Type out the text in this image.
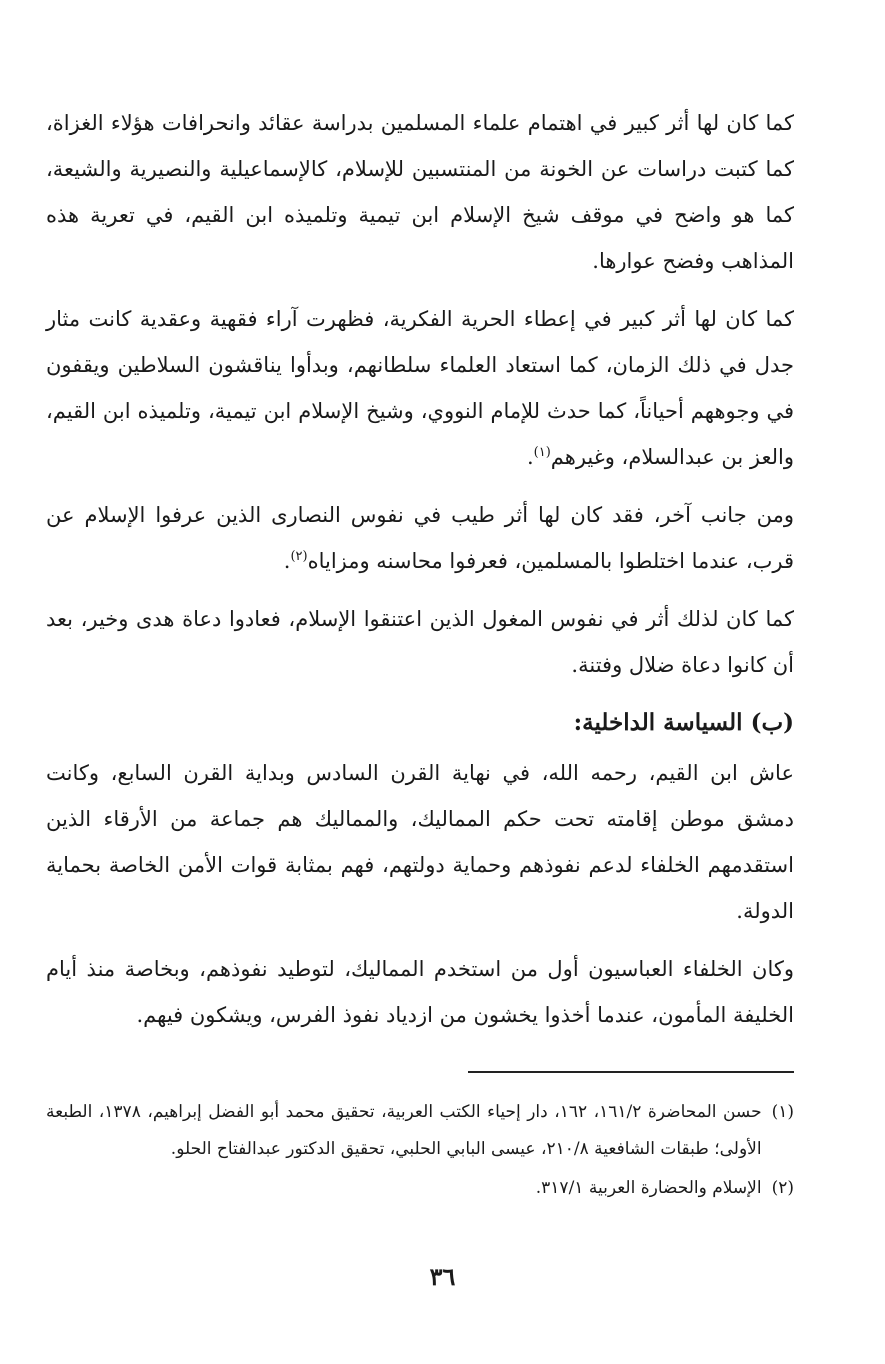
كما كان لها أثر كبير في اهتمام علماء المسلمين بدراسة عقائد وانحرافات هؤلاء الغزاة، كما كتبت دراسات عن الخونة من المنتسبين للإسلام، كالإسماعيلية والنصيرية والشيعة، كما هو واضح في موقف شيخ الإسلام ابن تيمية وتلميذه ابن القيم، في تعرية هذه المذاهب وفضح عوارها.

كما كان لها أثر كبير في إعطاء الحرية الفكرية، فظهرت آراء فقهية وعقدية كانت مثار جدل في ذلك الزمان، كما استعاد العلماء سلطانهم، وبدأوا يناقشون السلاطين ويقفون في وجوههم أحياناً، كما حدث للإمام النووي، وشيخ الإسلام ابن تيمية، وتلميذه ابن القيم، والعز بن عبدالسلام، وغيرهم$^{(١)}$.

ومن جانب آخر، فقد كان لها أثر طيب في نفوس النصارى الذين عرفوا الإسلام عن قرب، عندما اختلطوا بالمسلمين، فعرفوا محاسنه ومزاياه$^{(٢)}$.

كما كان لذلك أثر في نفوس المغول الذين اعتنقوا الإسلام، فعادوا دعاة هدى وخير، بعد أن كانوا دعاة ضلال وفتنة.

(ب) السياسة الداخلية:

عاش ابن القيم، رحمه الله، في نهاية القرن السادس وبداية القرن السابع، وكانت دمشق موطن إقامته تحت حكم المماليك، والمماليك هم جماعة من الأرقاء الذين استقدمهم الخلفاء لدعم نفوذهم وحماية دولتهم، فهم بمثابة قوات الأمن الخاصة بحماية الدولة.

وكان الخلفاء العباسيون أول من استخدم المماليك، لتوطيد نفوذهم، وبخاصة منذ أيام الخليفة المأمون، عندما أخذوا يخشون من ازدياد نفوذ الفرس، ويشكون فيهم.

(١)
حسن المحاضرة ١٦١/٢، ١٦٢، دار إحياء الكتب العربية، تحقيق محمد أبو الفضل إبراهيم، ١٣٧٨، الطبعة الأولى؛ طبقات الشافعية ٢١٠/٨، عيسى البابي الحلبي، تحقيق الدكتور عبدالفتاح الحلو.
(٢)
الإسلام والحضارة العربية ٣١٧/١.
٣٦
